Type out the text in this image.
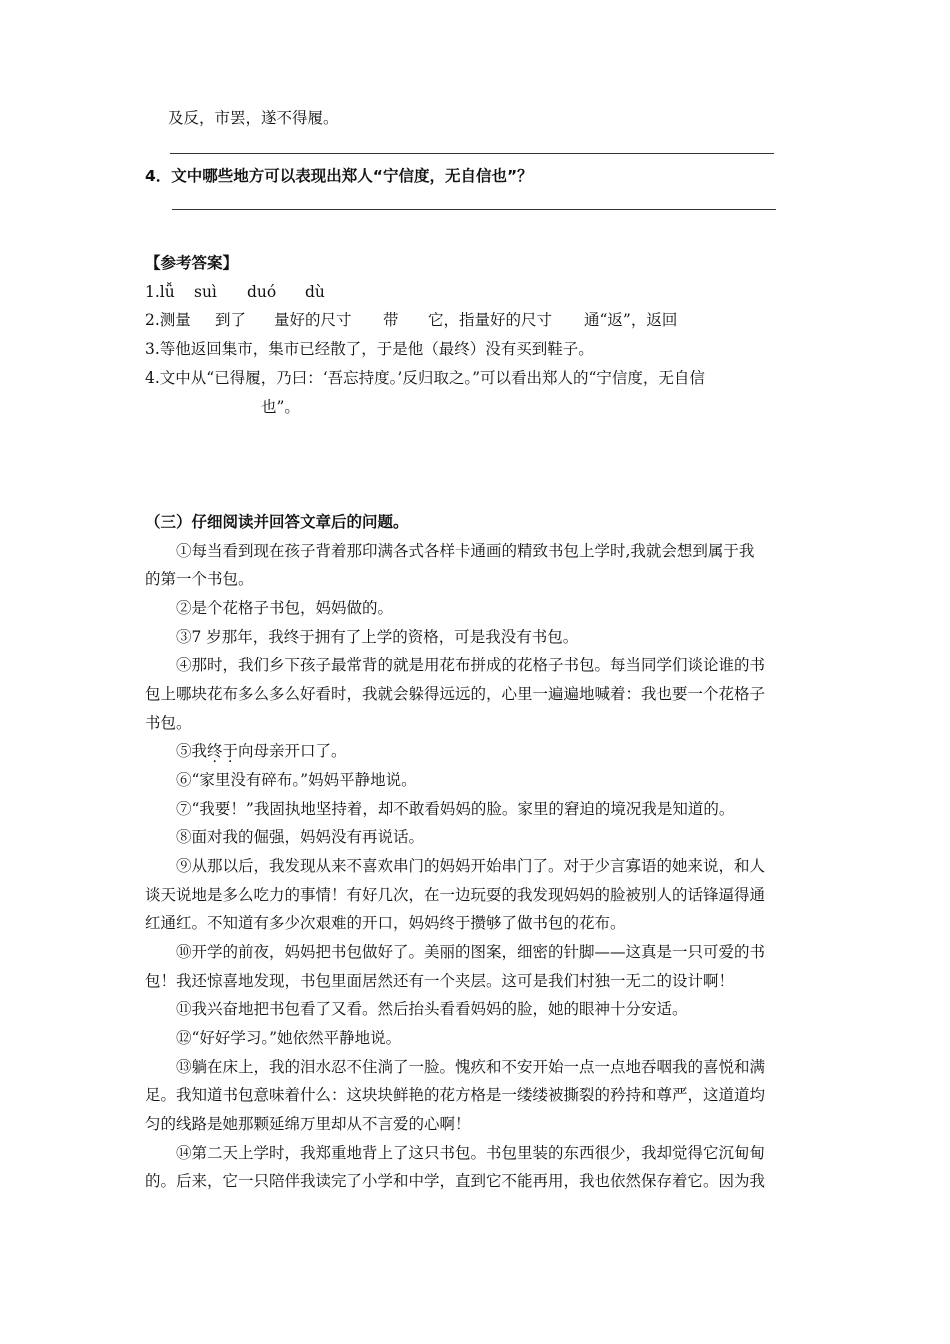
及反，市罢，遂不得履。
4．文中哪些地方可以表现出郑人“宁信度，无自信也”？
【参考答案】
1.lǚ suì duó dù
2.测量 到了 量好的尺寸 带 它，指量好的尺寸 通“返”，返回
3.等他返回集市，集市已经散了，于是他（最终）没有买到鞋子。
4.文中从“已得履，乃曰：‘吾忘持度。’反归取之。”可以看出郑人的“宁信度，无自信
也”。
（三）仔细阅读并回答文章后的问题。
①每当看到现在孩子背着那印满各式各样卡通画的精致书包上学时,我就会想到属于我
的第一个书包。
②是个花格子书包，妈妈做的。
③7 岁那年，我终于拥有了上学的资格，可是我没有书包。
④那时，我们乡下孩子最常背的就是用花布拼成的花格子书包。每当同学们谈论谁的书
包上哪块花布多么多么好看时，我就会躲得远远的，心里一遍遍地喊着：我也要一个花格子
书包。
⑤我终于向母亲开口了。
⑥“家里没有碎布。”妈妈平静地说。
⑦“我要！”我固执地坚持着，却不敢看妈妈的脸。家里的窘迫的境况我是知道的。
⑧面对我的倔强，妈妈没有再说话。
⑨从那以后，我发现从来不喜欢串门的妈妈开始串门了。对于少言寡语的她来说，和人
谈天说地是多么吃力的事情！有好几次，在一边玩耍的我发现妈妈的脸被别人的话锋逼得通
红通红。不知道有多少次艰难的开口，妈妈终于攒够了做书包的花布。
⑩开学的前夜，妈妈把书包做好了。美丽的图案，细密的针脚——这真是一只可爱的书
包！我还惊喜地发现，书包里面居然还有一个夹层。这可是我们村独一无二的设计啊！
⑪我兴奋地把书包看了又看。然后抬头看看妈妈的脸，她的眼神十分安适。
⑫“好好学习。”她依然平静地说。
⑬躺在床上，我的泪水忍不住淌了一脸。愧疚和不安开始一点一点地吞咽我的喜悦和满
足。我知道书包意味着什么：这块块鲜艳的花方格是一缕缕被撕裂的矜持和尊严，这道道均
匀的线路是她那颗延绵万里却从不言爱的心啊！
⑭第二天上学时，我郑重地背上了这只书包。书包里装的东西很少，我却觉得它沉甸甸
的。后来，它一只陪伴我读完了小学和中学，直到它不能再用，我也依然保存着它。因为我
